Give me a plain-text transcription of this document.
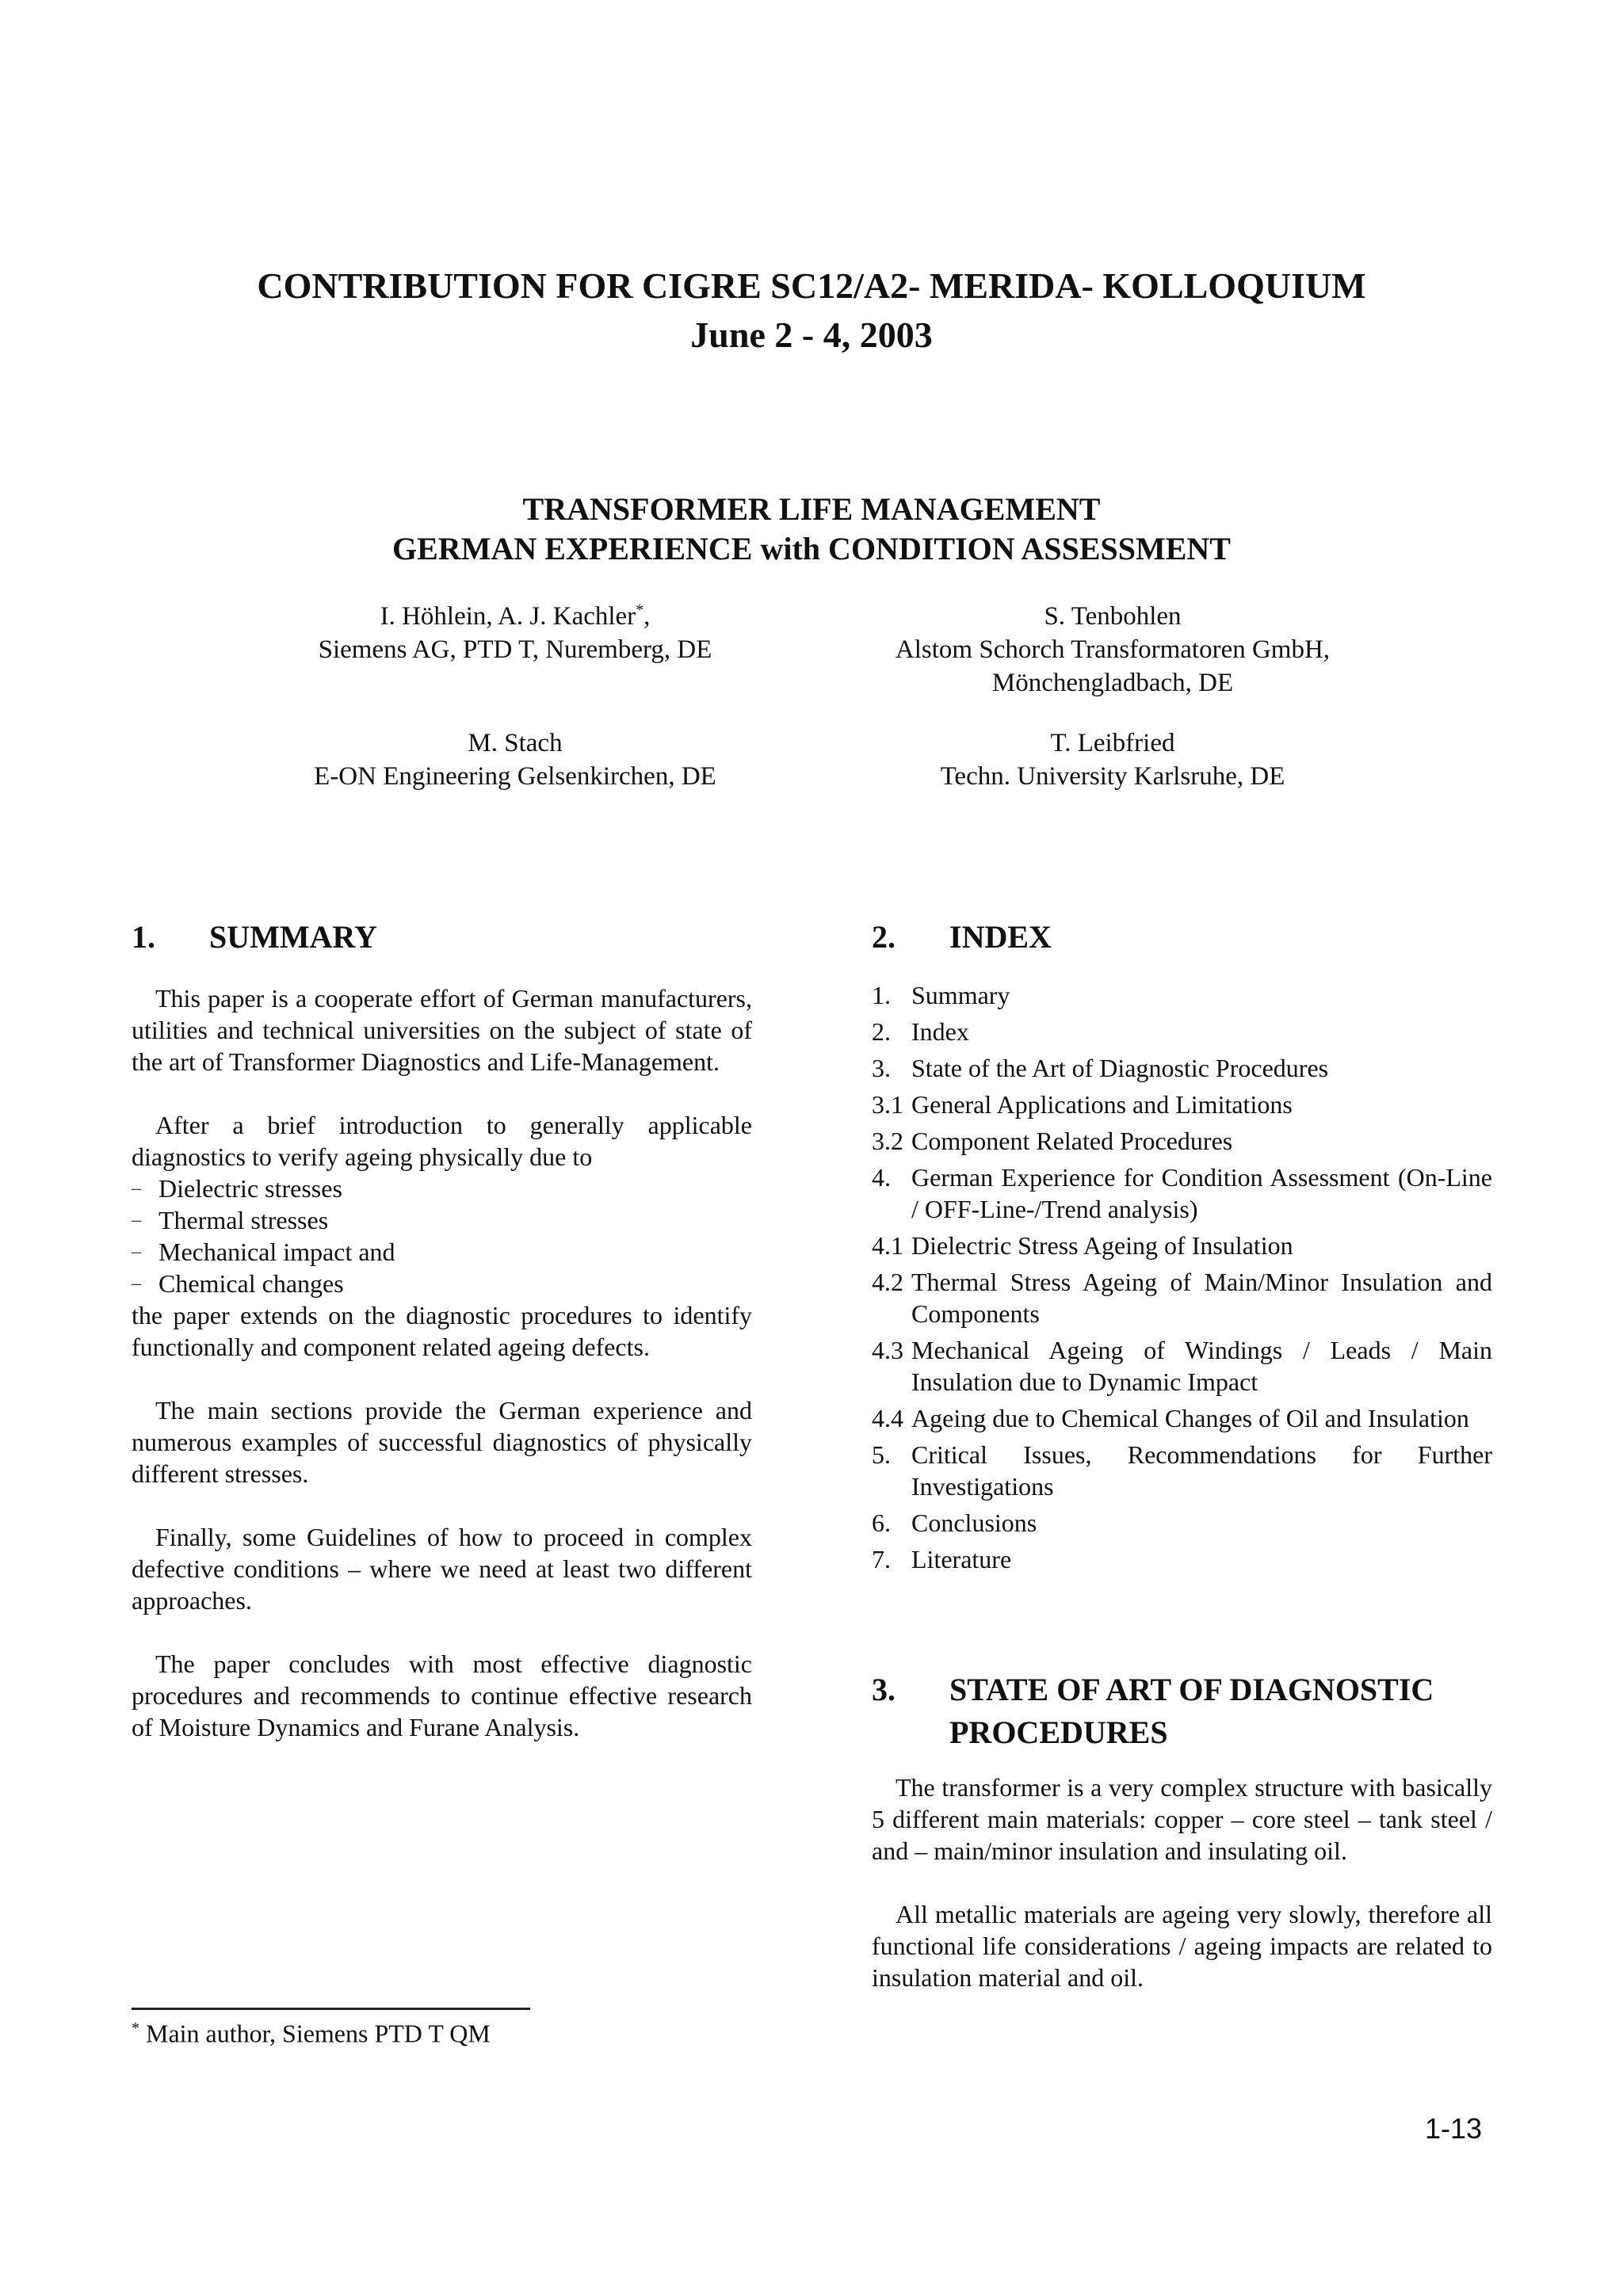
CONTRIBUTION FOR CIGRE SC12/A2- MERIDA- KOLLOQUIUM
June 2 - 4, 2003
TRANSFORMER LIFE MANAGEMENT
GERMAN EXPERIENCE with CONDITION ASSESSMENT
I. Höhlein, A. J. Kachler*,
Siemens AG, PTD T, Nuremberg, DE
S. Tenbohlen
Alstom Schorch Transformatoren GmbH,
Mönchengladbach, DE
M. Stach
E-ON Engineering Gelsenkirchen, DE
T. Leibfried
Techn. University Karlsruhe, DE
1. SUMMARY

This paper is a cooperate effort of German manufacturers, utilities and technical universities on the subject of state of the art of Transformer Diagnostics and Life-Management.

After a brief introduction to generally applicable diagnostics to verify ageing physically due to

– Dielectric stresses
– Thermal stresses
– Mechanical impact and
– Chemical changes

the paper extends on the diagnostic procedures to identify functionally and component related ageing defects.

The main sections provide the German experience and numerous examples of successful diagnostics of physically different stresses.

Finally, some Guidelines of how to proceed in complex defective conditions – where we need at least two different approaches.

The paper concludes with most effective diagnostic procedures and recommends to continue effective research of Moisture Dynamics and Furane Analysis.

2. INDEX
1. Summary
2. Index
3. State of the Art of Diagnostic Procedures
3.1 General Applications and Limitations
3.2 Component Related Procedures
4. German Experience for Condition Assessment (On-Line / OFF-Line-/Trend analysis)
4.1 Dielectric Stress Ageing of Insulation
4.2 Thermal Stress Ageing of Main/Minor Insulation and Components
4.3 Mechanical Ageing of Windings / Leads / Main Insulation due to Dynamic Impact
4.4 Ageing due to Chemical Changes of Oil and Insulation
5. Critical Issues, Recommendations for Further Investigations
6. Conclusions
7. Literature
3. STATE OF ART OF DIAGNOSTIC
PROCEDURES

The transformer is a very complex structure with basically 5 different main materials: copper – core steel – tank steel / and – main/minor insulation and insulating oil.

All metallic materials are ageing very slowly, therefore all functional life considerations / ageing impacts are related to insulation material and oil.

* Main author, Siemens PTD T QM
1-13
